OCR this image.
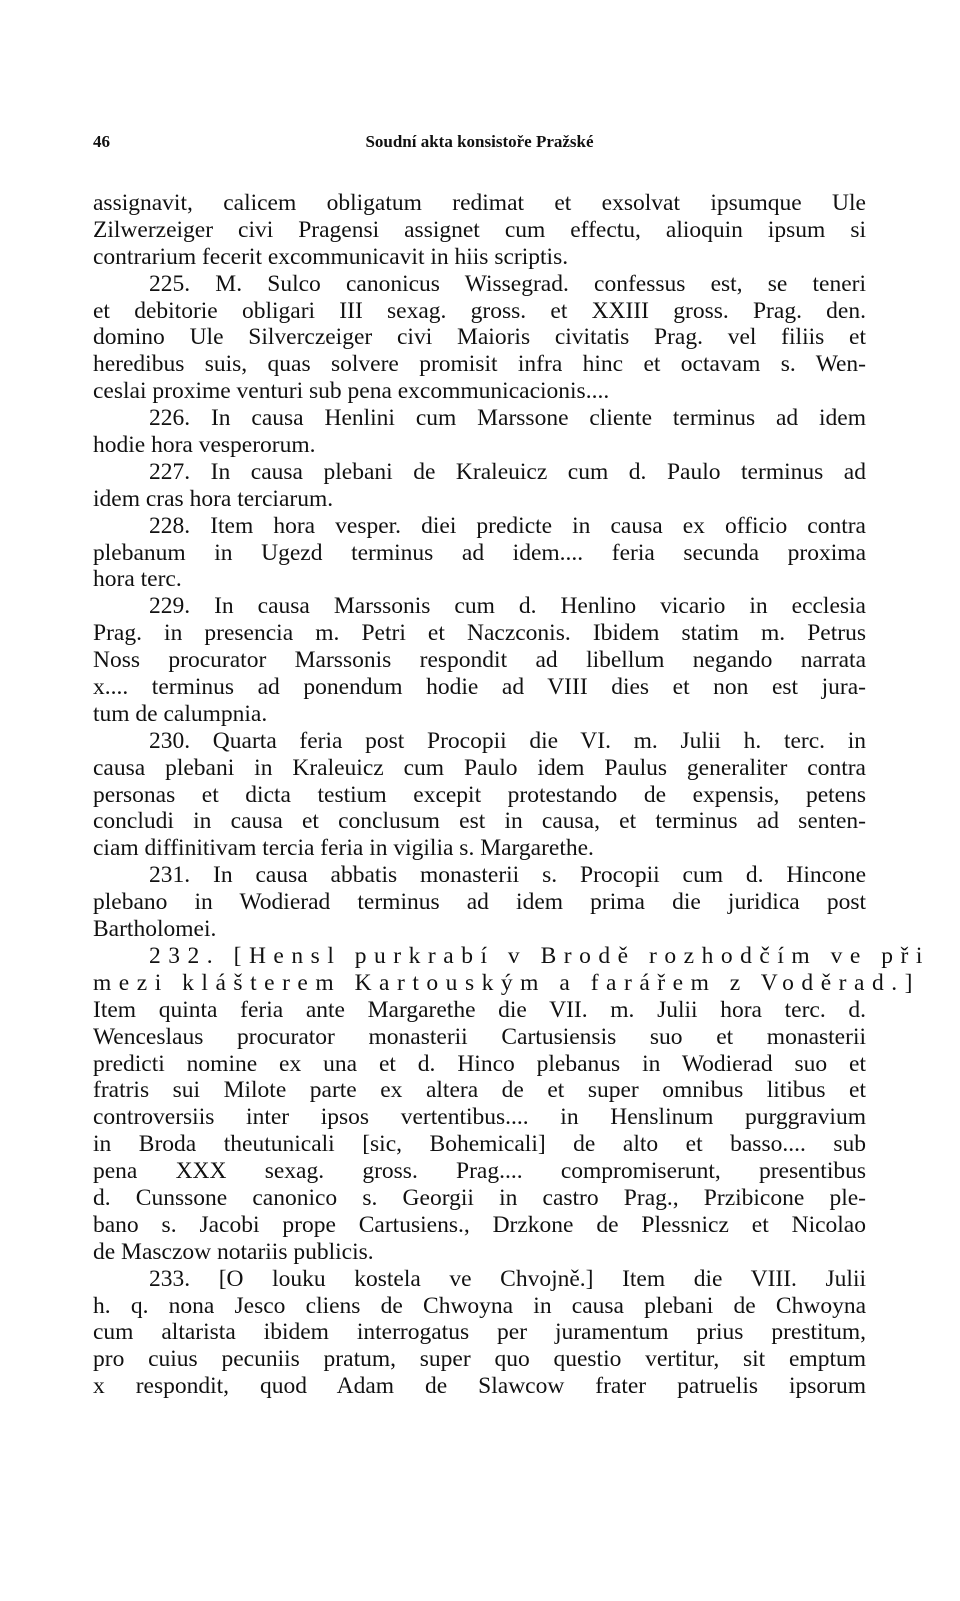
46	Soudní akta konsistoře Pražské
assignavit, calicem obligatum redimat et exsolvat ipsumque Ule
Zilwerzeiger civi Pragensi assignet cum effectu, alioquin ipsum si
contrarium fecerit excommunicavit in hiis scriptis.
225. M. Sulco canonicus Wissegrad. confessus est, se teneri
et debitorie obligari III sexag. gross. et XXIII gross. Prag. den.
domino Ule Silverczeiger civi Maioris civitatis Prag. vel filiis et
heredibus suis, quas solvere promisit infra hinc et octavam s. Wen-
ceslai proxime venturi sub pena excommunicacionis....
226. In causa Henlini cum Marssone cliente terminus ad idem
hodie hora vesperorum.
227. In causa plebani de Kraleuicz cum d. Paulo terminus ad
idem cras hora terciarum.
228. Item hora vesper. diei predicte in causa ex officio contra
plebanum in Ugezd terminus ad idem.... feria secunda proxima
hora terc.
229. In causa Marssonis cum d. Henlino vicario in ecclesia
Prag. in presencia m. Petri et Naczconis. Ibidem statim m. Petrus
Noss procurator Marssonis respondit ad libellum negando narrata
x.... terminus ad ponendum hodie ad VIII dies et non est jura-
tum de calumpnia.
230. Quarta feria post Procopii die VI. m. Julii h. terc. in
causa plebani in Kraleuicz cum Paulo idem Paulus generaliter contra
personas et dicta testium excepit protestando de expensis, petens
concludi in causa et conclusum est in causa, et terminus ad senten-
ciam diffinitivam tercia feria in vigilia s. Margarethe.
231. In causa abbatis monasterii s. Procopii cum d. Hincone
plebano in Wodierad terminus ad idem prima die juridica post
Bartholomei.
232. [Hensl purkrabí v Brodě rozhodčím ve při
mezi klášterem Kartouským a farářem z Voděrad.]
Item quinta feria ante Margarethe die VII. m. Julii hora terc. d.
Wenceslaus procurator monasterii Cartusiensis suo et monasterii
predicti nomine ex una et d. Hinco plebanus in Wodierad suo et
fratris sui Milote parte ex altera de et super omnibus litibus et
controversiis inter ipsos vertentibus.... in Henslinum purggravium
in Broda theutunicali [sic, Bohemicali] de alto et basso.... sub
pena XXX sexag. gross. Prag.... compromiserunt, presentibus
d. Cunssone canonico s. Georgii in castro Prag., Przibicone ple-
bano s. Jacobi prope Cartusiens., Drzkone de Plessnicz et Nicolao
de Masczow notariis publicis.
233. [O louku kostela ve Chvojně.] Item die VIII. Julii
h. q. nona Jesco cliens de Chwoyna in causa plebani de Chwoyna
cum altarista ibidem interrogatus per juramentum prius prestitum,
pro cuius pecuniis pratum, super quo questio vertitur, sit emptum
x respondit, quod Adam de Slawcow frater patruelis ipsorum
